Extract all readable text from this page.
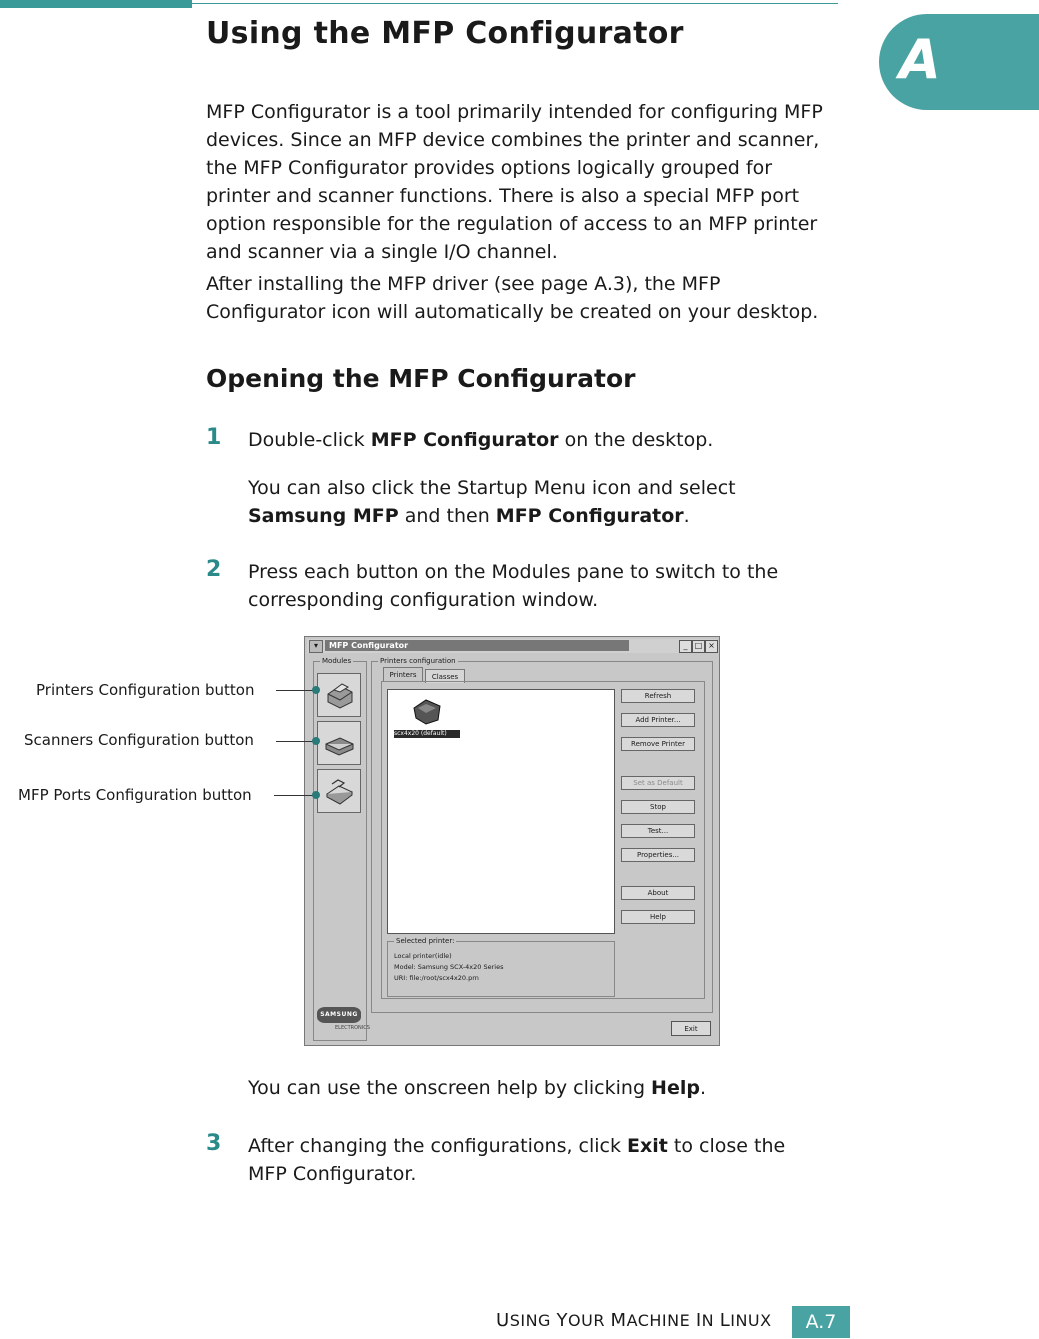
A
Using the MFP Configurator

MFP Configurator is a tool primarily intended for configuring MFP
devices. Since an MFP device combines the printer and scanner,
the MFP Configurator provides options logically grouped for
printer and scanner functions. There is also a special MFP port
option responsible for the regulation of access to an MFP printer
and scanner via a single I/O channel.

After installing the MFP driver (see page A.3), the MFP
Configurator icon will automatically be created on your desktop.

Opening the MFP Configurator
1 Double-click MFP Configurator on the desktop.

You can also click the Startup Menu icon and select
Samsung MFP and then MFP Configurator.

2 Press each button on the Modules pane to switch to the
corresponding configuration window.

▾	MFP Configurator	_ □ ×
Modules
SAMSUNG
ELECTRONICS
Printers configuration
Printers	Classes
scx4x20 (default)
Refresh
Add Printer...
Remove Printer
Set as Default
Stop
Test...
Properties...
About
Help
Selected printer:
Local printer(idle)
Model: Samsung SCX-4x20 Series
URI: file:/root/scx4x20.prn
Exit
Printers Configuration button
Scanners Configuration button
MFP Ports Configuration button

You can use the onscreen help by clicking Help.

3 After changing the configurations, click Exit to close the
MFP Configurator.

USING YOUR MACHINE IN LINUX	A.7
